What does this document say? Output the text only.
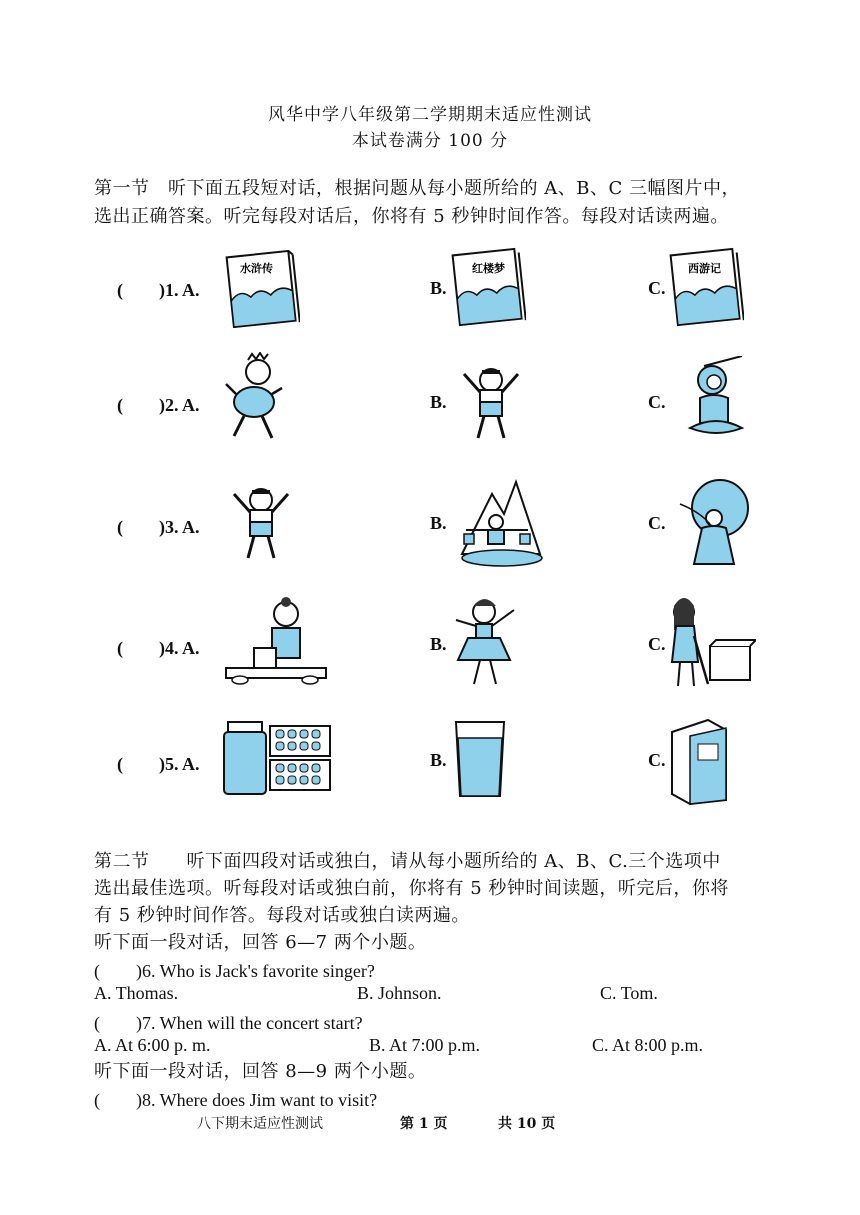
风华中学八年级第二学期期末适应性测试
本试卷满分 100 分
第一节　听下面五段短对话，根据问题从每小题所给的 A、B、C 三幅图片中，
选出正确答案。听完每段对话后，你将有 5 秒钟时间作答。每段对话读两遍。
(　　)1. A.
水浒传
B.
红楼梦
C.
西游记
(　　)2. A.	B.	C.
(　　)3. A.	B.	C.
(　　)4. A.	B.	C.
(　　)5. A.	B.	C.
第二节　　听下面四段对话或独白，请从每小题所给的 A、B、C.三个选项中
选出最佳选项。听每段对话或独白前，你将有 5 秒钟时间读题，听完后，你将
有 5 秒钟时间作答。每段对话或独白读两遍。
听下面一段对话，回答 6—7 两个小题。
(　　)6. Who is Jack's favorite singer?
A. Thomas.	B. Johnson.	C. Tom.
(　　)7. When will the concert start?
A. At 6:00 p. m.	B. At 7:00 p.m.	C. At 8:00 p.m.
听下面一段对话，回答 8—9 两个小题。
(　　)8. Where does Jim want to visit?
八下期末适应性测试	第 1 页	共 10 页
